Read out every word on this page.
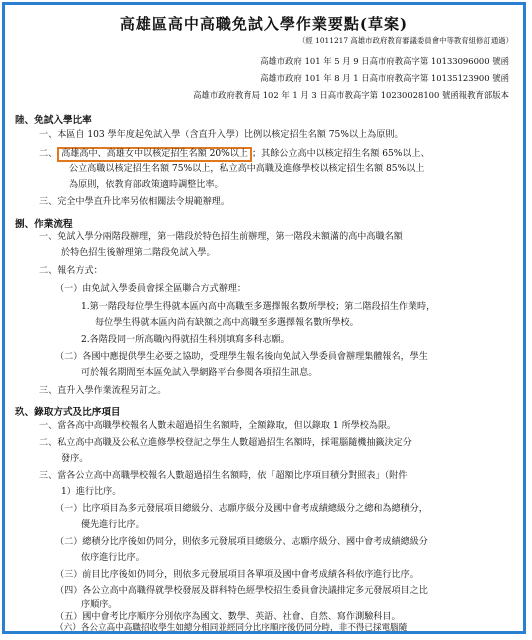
高雄區高中高職免試入學作業要點(草案)
（經 1011217 高雄市政府教育審議委員會中等教育組修訂通過）
高雄市政府 101 年 5 月 9 日高市府教高字第 10133096000 號函
高雄市政府 101 年 8 月 1 日高市府教高字第 10135123900 號函
高雄市政府教育局 102 年 1 月 3 日高市教高字第 10230028100 號函報教育部版本
陸、免試入學比率
一、本區自 103 學年度起免試入學（含直升入學）比例以核定招生名額 75%以上為原則。
二、 高雄高中、高雄女中以核定招生名額 20%以上 ；其餘公立高中以核定招生名額 65%以上、
公立高職以核定招生名額 75%以上，私立高中高職及進修學校以核定招生名額 85%以上
為原則，依教育部政策適時調整比率。
三、完全中學直升比率另依相關法令規範辦理。
捌、作業流程
一、免試入學分兩階段辦理，第一階段於特色招生前辦理，第一階段未額滿的高中高職名額
於特色招生後辦理第二階段免試入學。
二、報名方式：
（一）由免試入學委員會採全區聯合方式辦理：
1.第一階段每位學生得就本區內高中高職至多選擇報名數所學校；第二階段招生作業時，
每位學生得就本區內尚有缺額之高中高職至多選擇報名數所學校。
2.各階段同一所高職內得就招生科別填寫多科志願。
（二）各國中應提供學生必要之協助，受理學生報名後向免試入學委員會辦理集體報名，學生
可於報名期間至本區免試入學網路平台參閱各項招生訊息。
三、直升入學作業流程另訂之。
玖、錄取方式及比序項目
一、當各高中高職學校報名人數未超過招生名額時，全額錄取，但以錄取 1 所學校為限。
二、私立高中高職及公私立進修學校登記之學生人數超過招生名額時，採電腦隨機抽籤決定分
發序。
三、當各公立高中高職學校報名人數超過招生名額時，依「超額比序項目積分對照表」（附件
1）進行比序。
（一）比序項目為多元發展項目總級分、志願序級分及國中會考成績總級分之總和為總積分，
優先進行比序。
（二）總積分比序後如仍同分，則依多元發展項目總級分、志願序級分、國中會考成績總級分
依序進行比序。
（三）前目比序後如仍同分，則依多元發展項目各單項及國中會考成績各科依序進行比序。
（四）各公立高中高職得就學校發展及群科特色經學校招生委員會決議排定多元發展項目之比
序順序。
（五）國中會考比序順序分別依序為國文、數學、英語、社會、自然、寫作測驗科目。
（六）各公立高中高職招收學生如總分相同並經同分比序順序後仍同分時，非不得已採電腦隨
